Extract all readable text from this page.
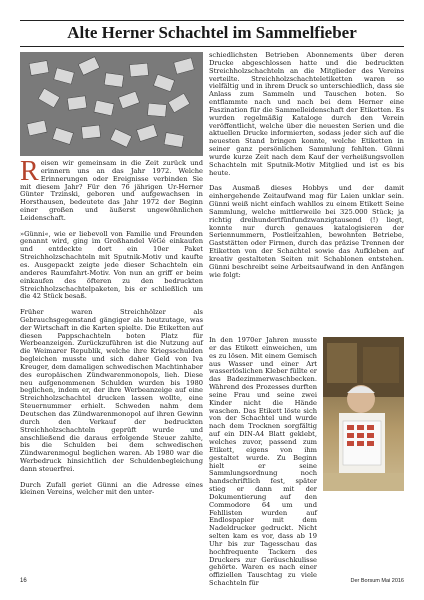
Alte Herner Schachtel im Sammelfieber

Reisen wir gemeinsam in die Zeit zurück und erinnern uns an das Jahr 1972. Welche Erinnerungen oder Ereignisse verbinden Sie mit diesem Jahr? Für den 76 jährigen Ur-Herner Günter Trzinski, geboren und aufgewachsen in Horsthausen, bedeutete das Jahr 1972 der Beginn einer großen und äußerst ungewöhnlichen Leidenschaft.

»Günni«, wie er liebevoll von Familie und Freunden genannt wird, ging im Großhandel VéGé einkaufen und entdeckte dort ein 10er Paket Streichholzschachteln mit Sputnik-Motiv und kaufte es. Ausgepackt zeigte jede dieser Schachteln ein anderes Raumfahrt-Motiv. Von nun an griff er beim einkaufen des öfteren zu den bedruckten Streichholzschachtelpaketen, bis er schließlich um die 42 Stück besaß.

Früher waren Streichhölzer als Gebrauchsgegenstand gängiger als heutzutage, was der Wirtschaft in die Karten spielte. Die Etiketten auf diesen Pappschachteln boten Platz für Werbeanzeigen. Zurückzuführen ist die Nutzung auf die Weimarer Republik, welche ihre Kriegsschulden begleichen musste und sich daher Geld von Iva Kreuger, dem damaligen schwedischen Machtinhaber des europäischen Zündwarenmonopols, lieh. Diese neu aufgenommenen Schulden wurden bis 1980 beglichen, indem er, der ihre Werbeanzeige auf eine Streichholzschachtel drucken lassen wollte, eine Steuernummer erhielt. Schweden nahm dem Deutschen das Zündwarenmonopol auf ihren Gewinn durch den Verkauf der bedruckten Streichholzschachteln geprüft wurde und anschließend die daraus erfolgende Steuer zahlte, bis die Schulden bei dem schwedischen Zündwarenmogul beglichen waren. Ab 1980 war die Werbedruck hinsichtlich der Schuldenbegleichung dann steuerfrei.

Durch Zufall geriet Günni an die Adresse eines kleinen Vereins, welcher mit den unter-

schiedlichsten Betrieben Abonnements über deren Drucke abgeschlossen hatte und die bedruckten Streichholzschachteln an die Mitglieder des Vereins verteilte. Streichholzschachteletiketten waren so vielfältig und in ihrem Druck so unterschiedlich, dass sie Anlass zum Sammeln und Tauschen boten. So entflammte nach und nach bei dem Herner eine Faszination für die Sammelleidenschaft der Etiketten. Es wurden regelmäßig Kataloge durch den Verein veröffentlicht, welche über die neuesten Serien und die aktuellen Drucke informierten, sodass jeder sich auf die neuesten Stand bringen konnte, welche Etiketten in seiner ganz persönlichen Sammlung fehlten. Günni wurde kurze Zeit nach dem Kauf der verheißungsvollen Schachteln mit Sputnik-Motiv Mitglied und ist es bis heute.

Das Ausmaß dieses Hobbys und der damit einhergehende Zeitaufwand mag für Laien unklar sein. Günni weiß nicht einfach wahllos zu einem Etikett Seine Sammlung, welche mittlerweile bei 325.000 Stück; ja richtig dreihundertfünfundzwanzigtausend (!) liegt, konnte nur durch genaues katalogisieren der Seriennummern, Postleitzahlen, bewohnten Betriebe, Gaststätten oder Firmen, durch das präzise Trennen der Etiketten von der Schachtel sowie das Aufkleben auf kreativ gestalteten Seiten mit Schablonen entstehen. Günni beschreibt seine Arbeitsaufwand in den Anfängen wie folgt:

In den 1970er Jahren musste er das Etikett einweichen, um es zu lösen. Mit einem Gemisch aus Wasser und einer Art wasserlöslichen Kleber füllte er das Badezimmerwaschbecken. Während des Prozesses durften seine Frau und seine zwei Kinder nicht die Hände waschen. Das Etikett löste sich von der Schachtel und wurde nach dem Trocknen sorgfältig auf ein DIN-A4 Blatt geklebt, welches zuvor, passend zum Etikett, eigens von ihm gestaltet wurde. Zu Beginn hielt er seine Sammlungsordnung noch handschriftlich fest, später stieg er dann mit der Dokumentierung auf den Commodore 64 um und Fehllisten wurden auf Endlospapier mit dem Nadeldrucker gedruckt. Nicht selten kam es vor, dass ab 19 Uhr bis zur Tagesschau das hochfrequente Tackern des Druckers zur Geräuschkulisse gehörte. Waren es nach einer offiziellen Tauschtag zu viele Schachteln für

16	Der Borsum Mai 2016
